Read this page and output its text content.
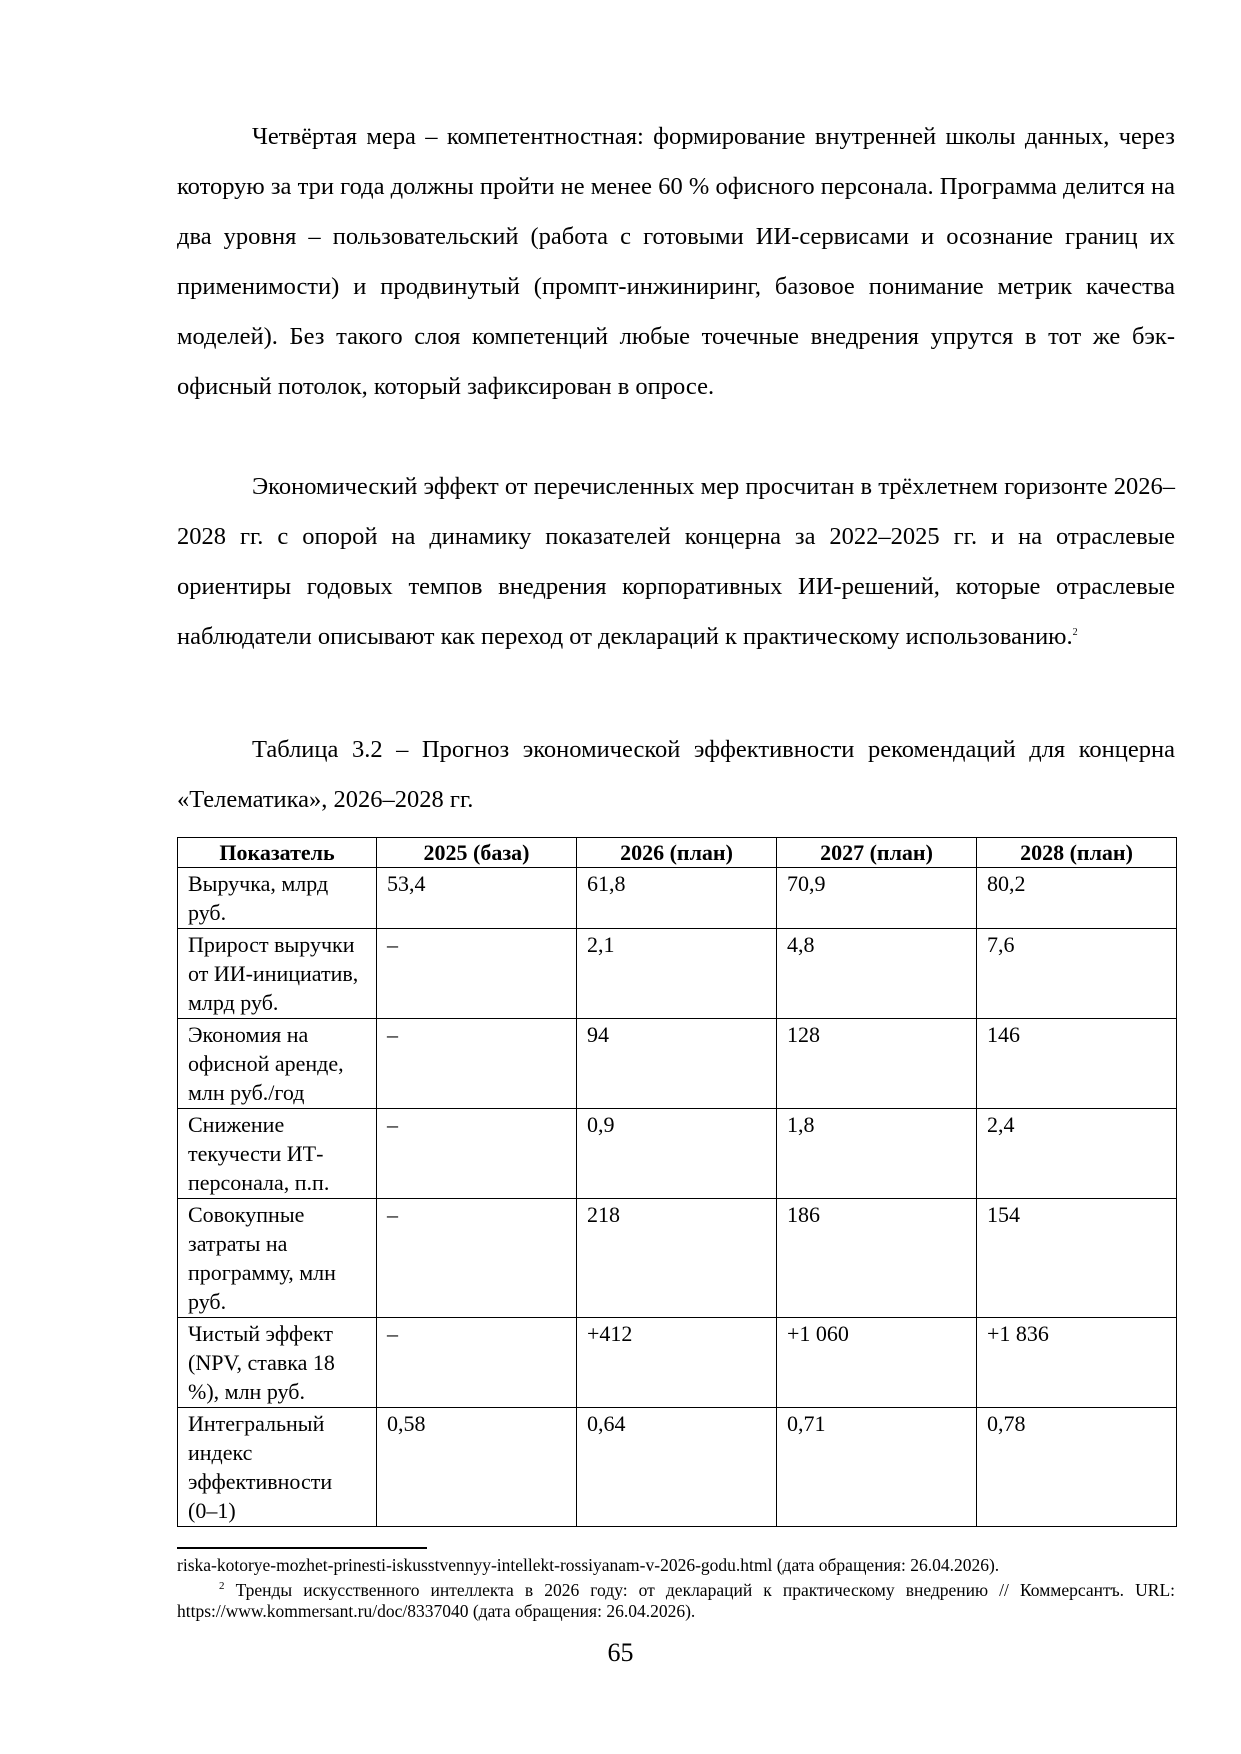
Четвёртая мера – компетентностная: формирование внутренней школы данных, через которую за три года должны пройти не менее 60 % офисного персонала. Программа делится на два уровня – пользовательский (работа с готовыми ИИ-сервисами и осознание границ их применимости) и продвинутый (промпт-инжиниринг, базовое понимание метрик качества моделей). Без такого слоя компетенций любые точечные внедрения упрутся в тот же бэк-офисный потолок, который зафиксирован в опросе.

Экономический эффект от перечисленных мер просчитан в трёхлетнем горизонте 2026–2028 гг. с опорой на динамику показателей концерна за 2022–2025 гг. и на отраслевые ориентиры годовых темпов внедрения корпоративных ИИ-решений, которые отраслевые наблюдатели описывают как переход от деклараций к практическому использованию.$^2$

Таблица 3.2 – Прогноз экономической эффективности рекомендаций для концерна «Телематика», 2026–2028 гг.

Показатель	2025 (база)	2026 (план)	2027 (план)	2028 (план)
Выручка, млрд руб.	53,4	61,8	70,9	80,2
Прирост выручки от ИИ-инициатив, млрд руб.	–	2,1	4,8	7,6
Экономия на офисной аренде, млн руб./год	–	94	128	146
Снижение текучести ИТ-персонала, п.п.	–	0,9	1,8	2,4
Совокупные затраты на программу, млн руб.	–	218	186	154
Чистый эффект (NPV, ставка 18 %), млн руб.	–	+412	+1 060	+1 836
Интегральный индекс эффективности (0–1)	0,58	0,64	0,71	0,78

riska-kotorye-mozhet-prinesti-iskusstvennyy-intellekt-rossiyanam-v-2026-godu.html (дата обращения: 26.04.2026).

$^2$ Тренды искусственного интеллекта в 2026 году: от деклараций к практическому внедрению // Коммерсантъ. URL: https://www.kommersant.ru/doc/8337040 (дата обращения: 26.04.2026).

65
